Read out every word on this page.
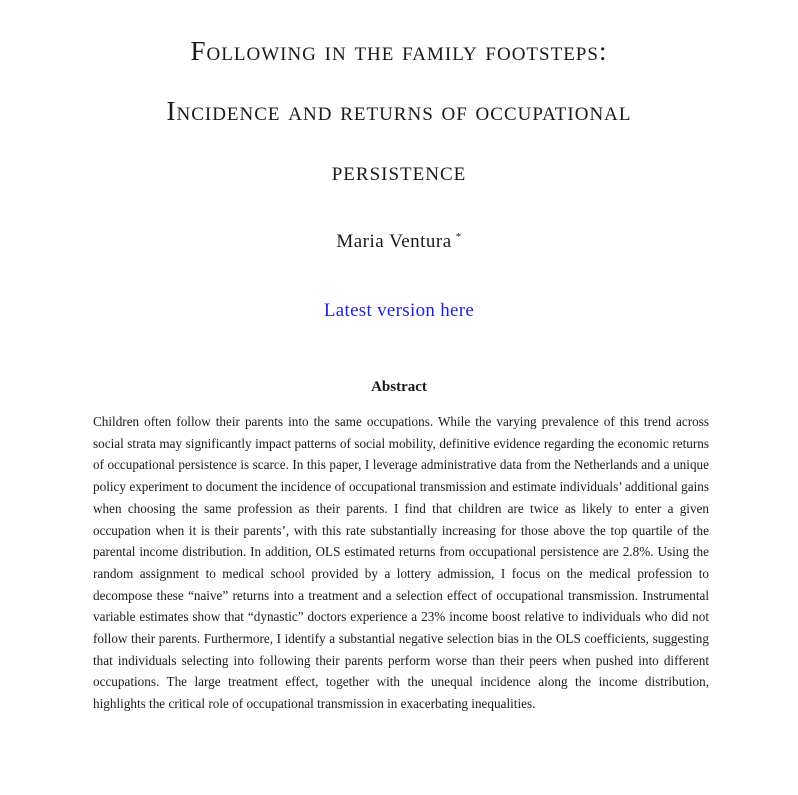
Following in the family footsteps:
Incidence and returns of occupational
persistence
Maria Ventura *
Latest version here
Abstract
Children often follow their parents into the same occupations. While the varying prevalence of this trend across social strata may significantly impact patterns of social mobility, definitive evidence regarding the economic returns of occupational persistence is scarce. In this paper, I leverage administrative data from the Netherlands and a unique policy experiment to document the incidence of occupational transmission and estimate individuals’ additional gains when choosing the same profession as their parents. I find that children are twice as likely to enter a given occupation when it is their parents’, with this rate substantially increasing for those above the top quartile of the parental income distribution. In addition, OLS estimated returns from occupational persistence are 2.8%. Using the random assignment to medical school provided by a lottery admission, I focus on the medical profession to decompose these “naive” returns into a treatment and a selection effect of occupational transmission. Instrumental variable estimates show that “dynastic” doctors experience a 23% income boost relative to individuals who did not follow their parents. Furthermore, I identify a substantial negative selection bias in the OLS coefficients, suggesting that individuals selecting into following their parents perform worse than their peers when pushed into different occupations. The large treatment effect, together with the unequal incidence along the income distribution, highlights the critical role of occupational transmission in exacerbating inequalities.
